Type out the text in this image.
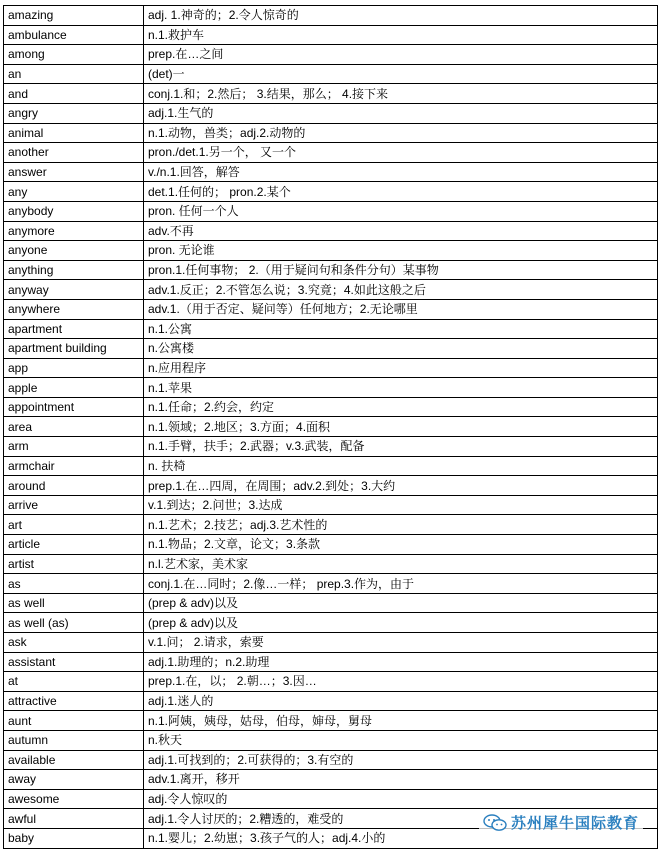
amazing	adj. 1.神奇的；2.令人惊奇的
ambulance	n.1.救护车
among	prep.在…之间
an	(det)一
and	conj.1.和；2.然后； 3.结果，那么； 4.接下来
angry	adj.1.生气的
animal	n.1.动物，兽类；adj.2.动物的
another	pron./det.1.另一个， 又一个
answer	v./n.1.回答，解答
any	det.1.任何的； pron.2.某个
anybody	pron. 任何一个人
anymore	adv.不再
anyone	pron. 无论谁
anything	pron.1.任何事物； 2.（用于疑问句和条件分句）某事物
anyway	adv.1.反正；2.不管怎么说；3.究竟；4.如此这般之后
anywhere	adv.1.（用于否定、疑问等）任何地方；2.无论哪里
apartment	n.1.公寓
apartment building	n.公寓楼
app	n.应用程序
apple	n.1.苹果
appointment	n.1.任命；2.约会，约定
area	n.1.领域；2.地区；3.方面；4.面积
arm	n.1.手臂，扶手；2.武器；v.3.武装，配备
armchair	n. 扶椅
around	prep.1.在…四周，在周围；adv.2.到处；3.大约
arrive	v.1.到达；2.问世；3.达成
art	n.1.艺术；2.技艺；adj.3.艺术性的
article	n.1.物品；2.文章，论文；3.条款
artist	n.l.艺术家，美术家
as	conj.1.在…同时；2.像…一样； prep.3.作为，由于
as well	(prep & adv)以及
as well (as)	(prep & adv)以及
ask	v.1.问； 2.请求，索要
assistant	adj.1.助理的；n.2.助理
at	prep.1.在，以； 2.朝…；3.因…
attractive	adj.1.迷人的
aunt	n.1.阿姨，姨母，姑母，伯母，婶母，舅母
autumn	n.秋天
available	adj.1.可找到的；2.可获得的；3.有空的
away	adv.1.离开，移开
awesome	adj.令人惊叹的
awful	adj.1.令人讨厌的；2.糟透的，难受的
baby	n.1.婴儿；2.幼崽；3.孩子气的人；adj.4.小的
苏州犀牛国际教育
